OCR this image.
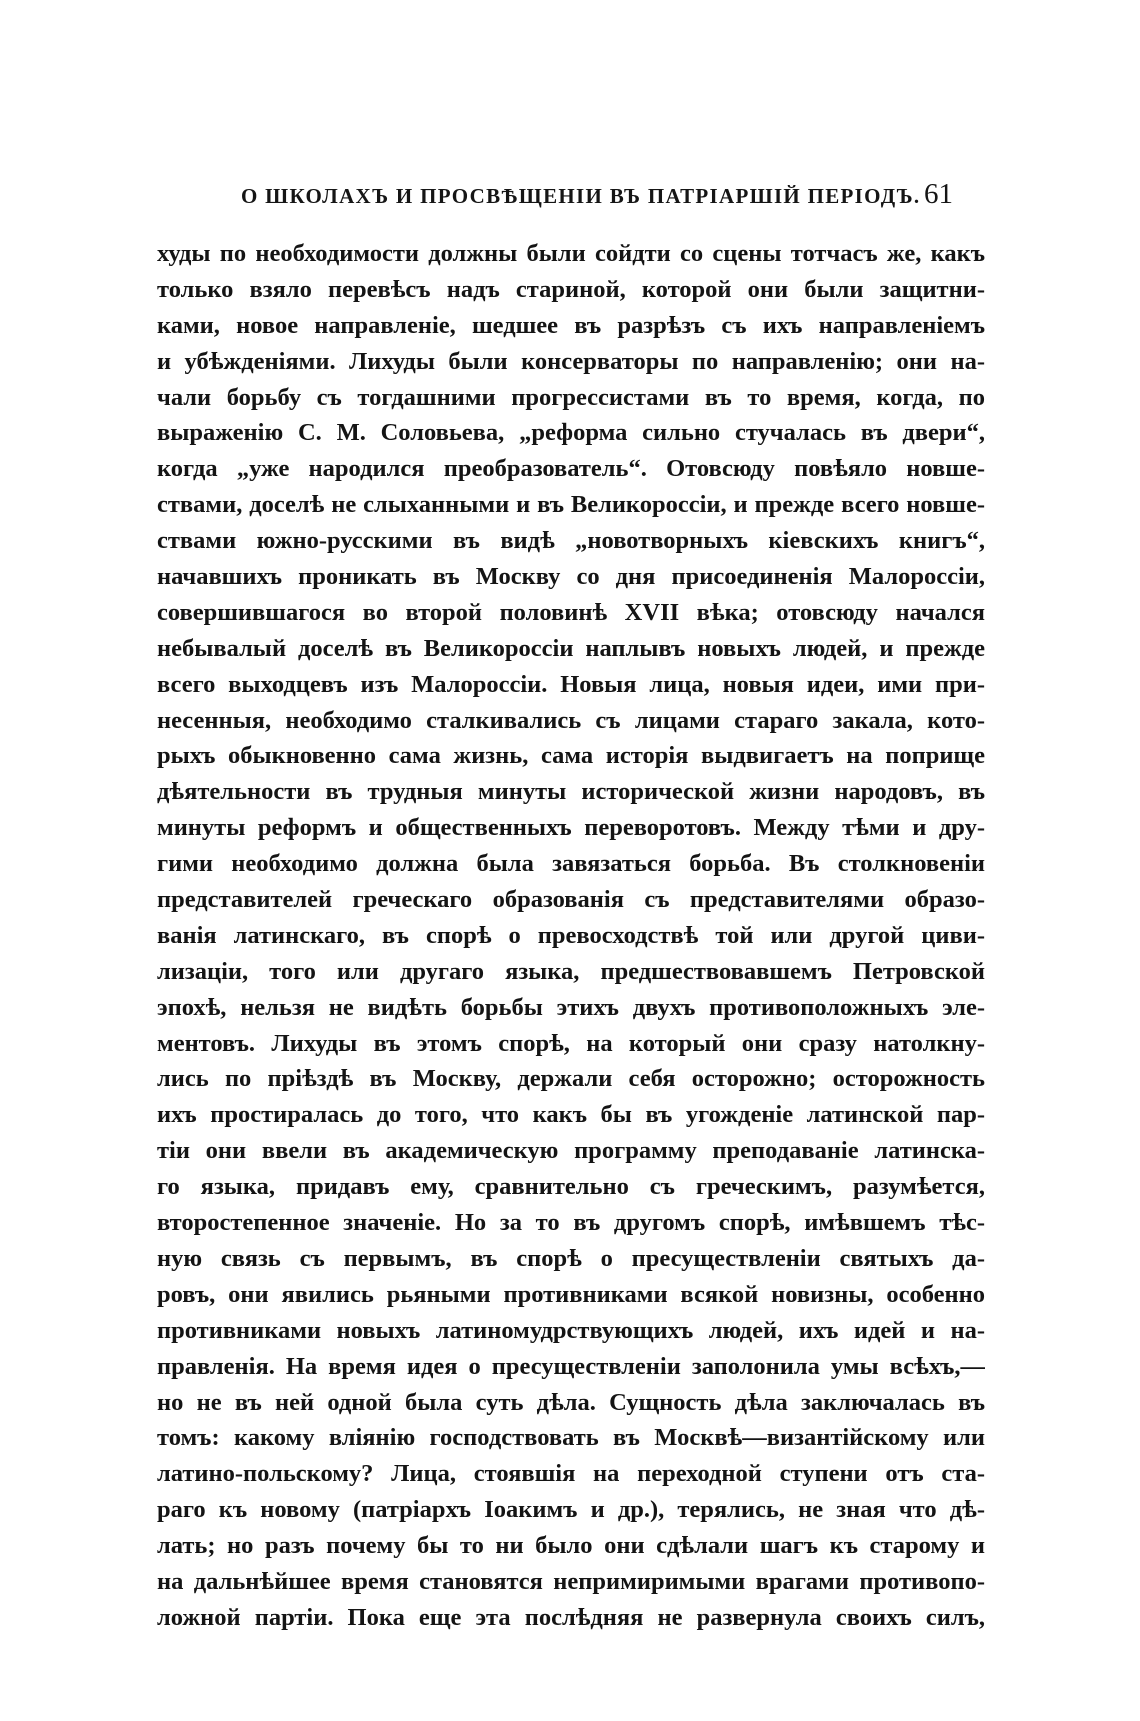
О ШКОЛАХЪ И ПРОСВѢЩЕНІИ ВЪ ПАТРІАРШІЙ ПЕРІОДЪ. 61
худы по необходимости должны были сойдти со сцены тотчасъ же, какъ
только взяло перевѣсъ надъ стариной, которой они были защитни-
ками, новое направленіе, шедшее въ разрѣзъ съ ихъ направленіемъ
и убѣжденіями. Лихуды были консерваторы по направленію; они на-
чали борьбу съ тогдашними прогрессистами въ то время, когда, по
выраженію С. М. Соловьева, „реформа сильно стучалась въ двери“,
когда „уже народился преобразователь“. Отовсюду повѣяло новше-
ствами, доселѣ не слыханными и въ Великороссіи, и прежде всего новше-
ствами южно-русскими въ видѣ „новотворныхъ кіевскихъ книгъ“,
начавшихъ проникать въ Москву со дня присоединенія Малороссіи,
совершившагося во второй половинѣ XVII вѣка; отовсюду начался
небывалый доселѣ въ Великороссіи наплывъ новыхъ людей, и прежде
всего выходцевъ изъ Малороссіи. Новыя лица, новыя идеи, ими при-
несенныя, необходимо сталкивались съ лицами стараго закала, кото-
рыхъ обыкновенно сама жизнь, сама исторія выдвигаетъ на поприще
дѣятельности въ трудныя минуты исторической жизни народовъ, въ
минуты реформъ и общественныхъ переворотовъ. Между тѣми и дру-
гими необходимо должна была завязаться борьба. Въ столкновеніи
представителей греческаго образованія съ представителями образо-
ванія латинскаго, въ спорѣ о превосходствѣ той или другой циви-
лизаціи, того или другаго языка, предшествовавшемъ Петровской
эпохѣ, нельзя не видѣть борьбы этихъ двухъ противоположныхъ эле-
ментовъ. Лихуды въ этомъ спорѣ, на который они сразу натолкну-
лись по пріѣздѣ въ Москву, держали себя осторожно; осторожность
ихъ простиралась до того, что какъ бы въ угожденіе латинской пар-
тіи они ввели въ академическую программу преподаваніе латинска-
го языка, придавъ ему, сравнительно съ греческимъ, разумѣется,
второстепенное значеніе. Но за то въ другомъ спорѣ, имѣвшемъ тѣс-
ную связь съ первымъ, въ спорѣ о пресуществленіи святыхъ да-
ровъ, они явились рьяными противниками всякой новизны, особенно
противниками новыхъ латиномудрствующихъ людей, ихъ идей и на-
правленія. На время идея о пресуществленіи заполонила умы всѣхъ,—
но не въ ней одной была суть дѣла. Сущность дѣла заключалась въ
томъ: какому вліянію господствовать въ Москвѣ—византійскому или
латино-польскому? Лица, стоявшія на переходной ступени отъ ста-
раго къ новому (патріархъ Іоакимъ и др.), терялись, не зная что дѣ-
лать; но разъ почему бы то ни было они сдѣлали шагъ къ старому и
на дальнѣйшее время становятся непримиримыми врагами противопо-
ложной партіи. Пока еще эта послѣдняя не развернула своихъ силъ,
